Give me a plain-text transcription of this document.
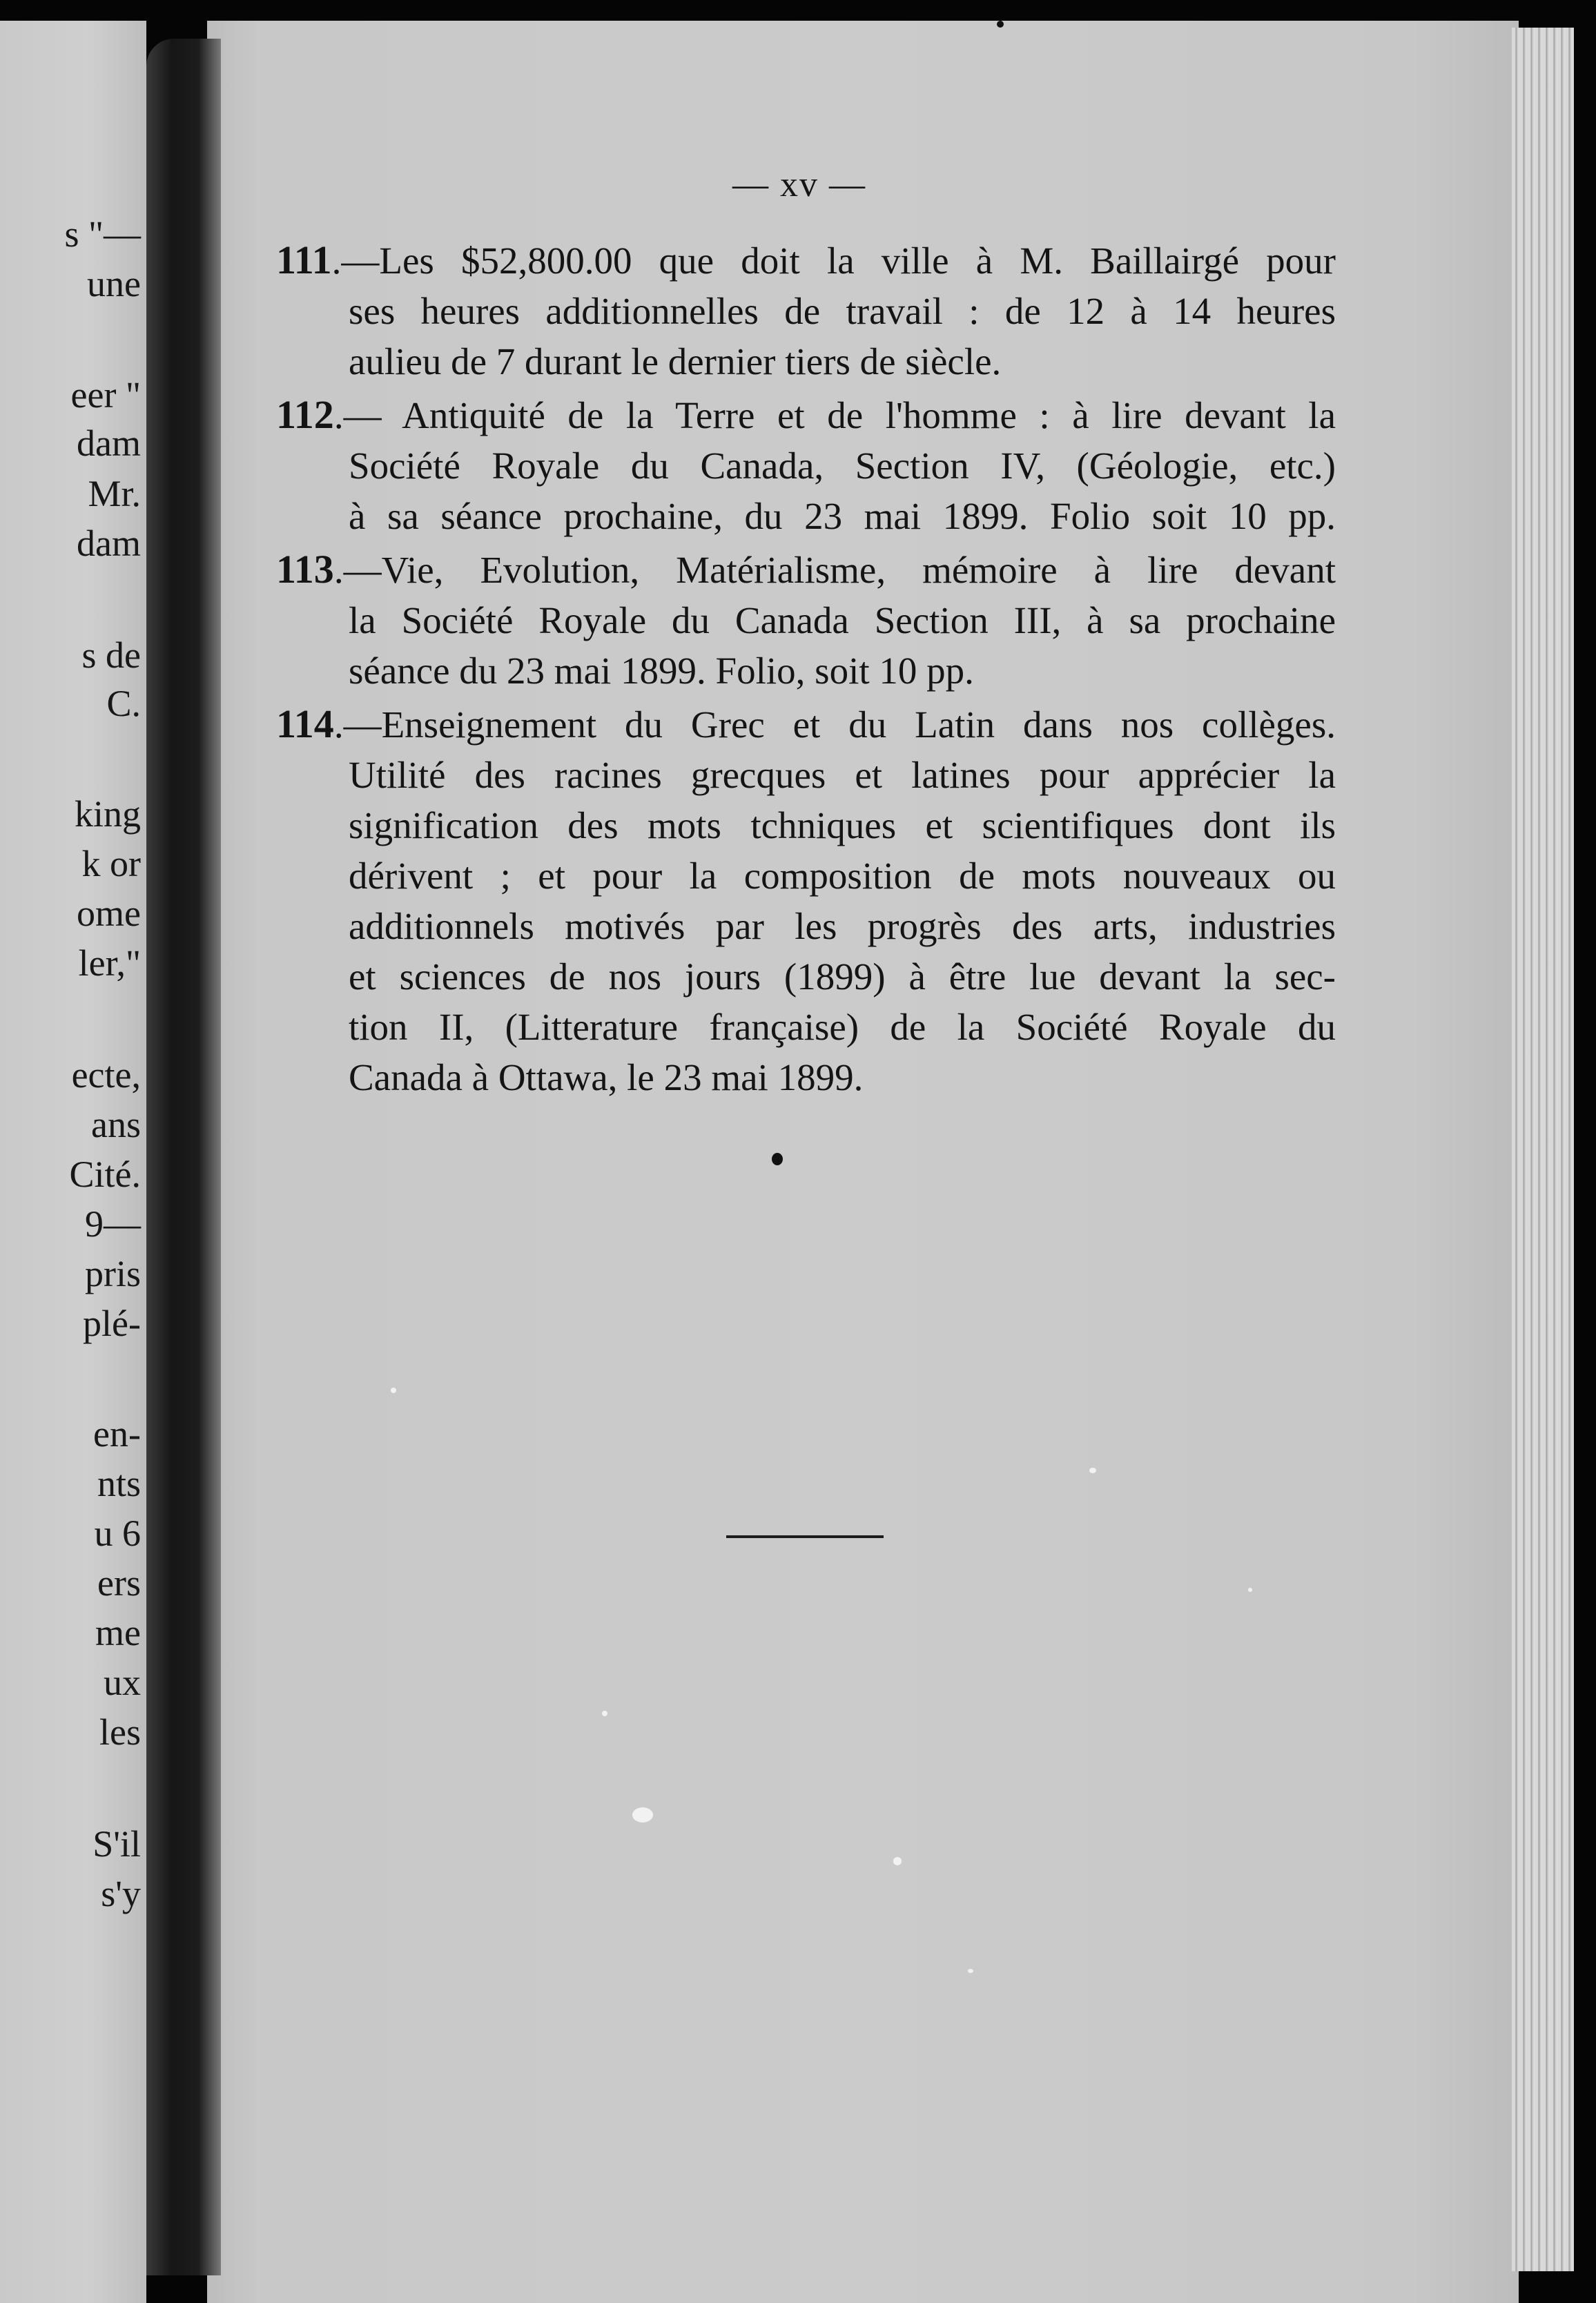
s "—
une
eer "
dam
Mr.
dam
s de
C.
king
k or
ome
ler,"
ecte,
ans
Cité.
9—
pris
plé-
en-
nts
u 6
ers
me
ux
les
S'il
s'y
— xv —
111.—Les $52,800.00 que doit la ville à M. Baillairgé pour
ses heures additionnelles de travail : de 12 à 14 heures
aulieu de 7 durant le dernier tiers de siècle.
112.— Antiquité de la Terre et de l'homme : à lire devant la
Société Royale du Canada, Section IV, (Géologie, etc.)
à sa séance prochaine, du 23 mai 1899. Folio soit 10 pp.
113.—Vie, Evolution, Matérialisme, mémoire à lire devant
la Société Royale du Canada Section III, à sa prochaine
séance du 23 mai 1899. Folio, soit 10 pp.
114.—Enseignement du Grec et du Latin dans nos collèges.
Utilité des racines grecques et latines pour apprécier la
signification des mots tchniques et scientifiques dont ils
dérivent ; et pour la composition de mots nouveaux ou
additionnels motivés par les progrès des arts, industries
et sciences de nos jours (1899) à être lue devant la sec-
tion II, (Litterature française) de la Société Royale du
Canada à Ottawa, le 23 mai 1899.
